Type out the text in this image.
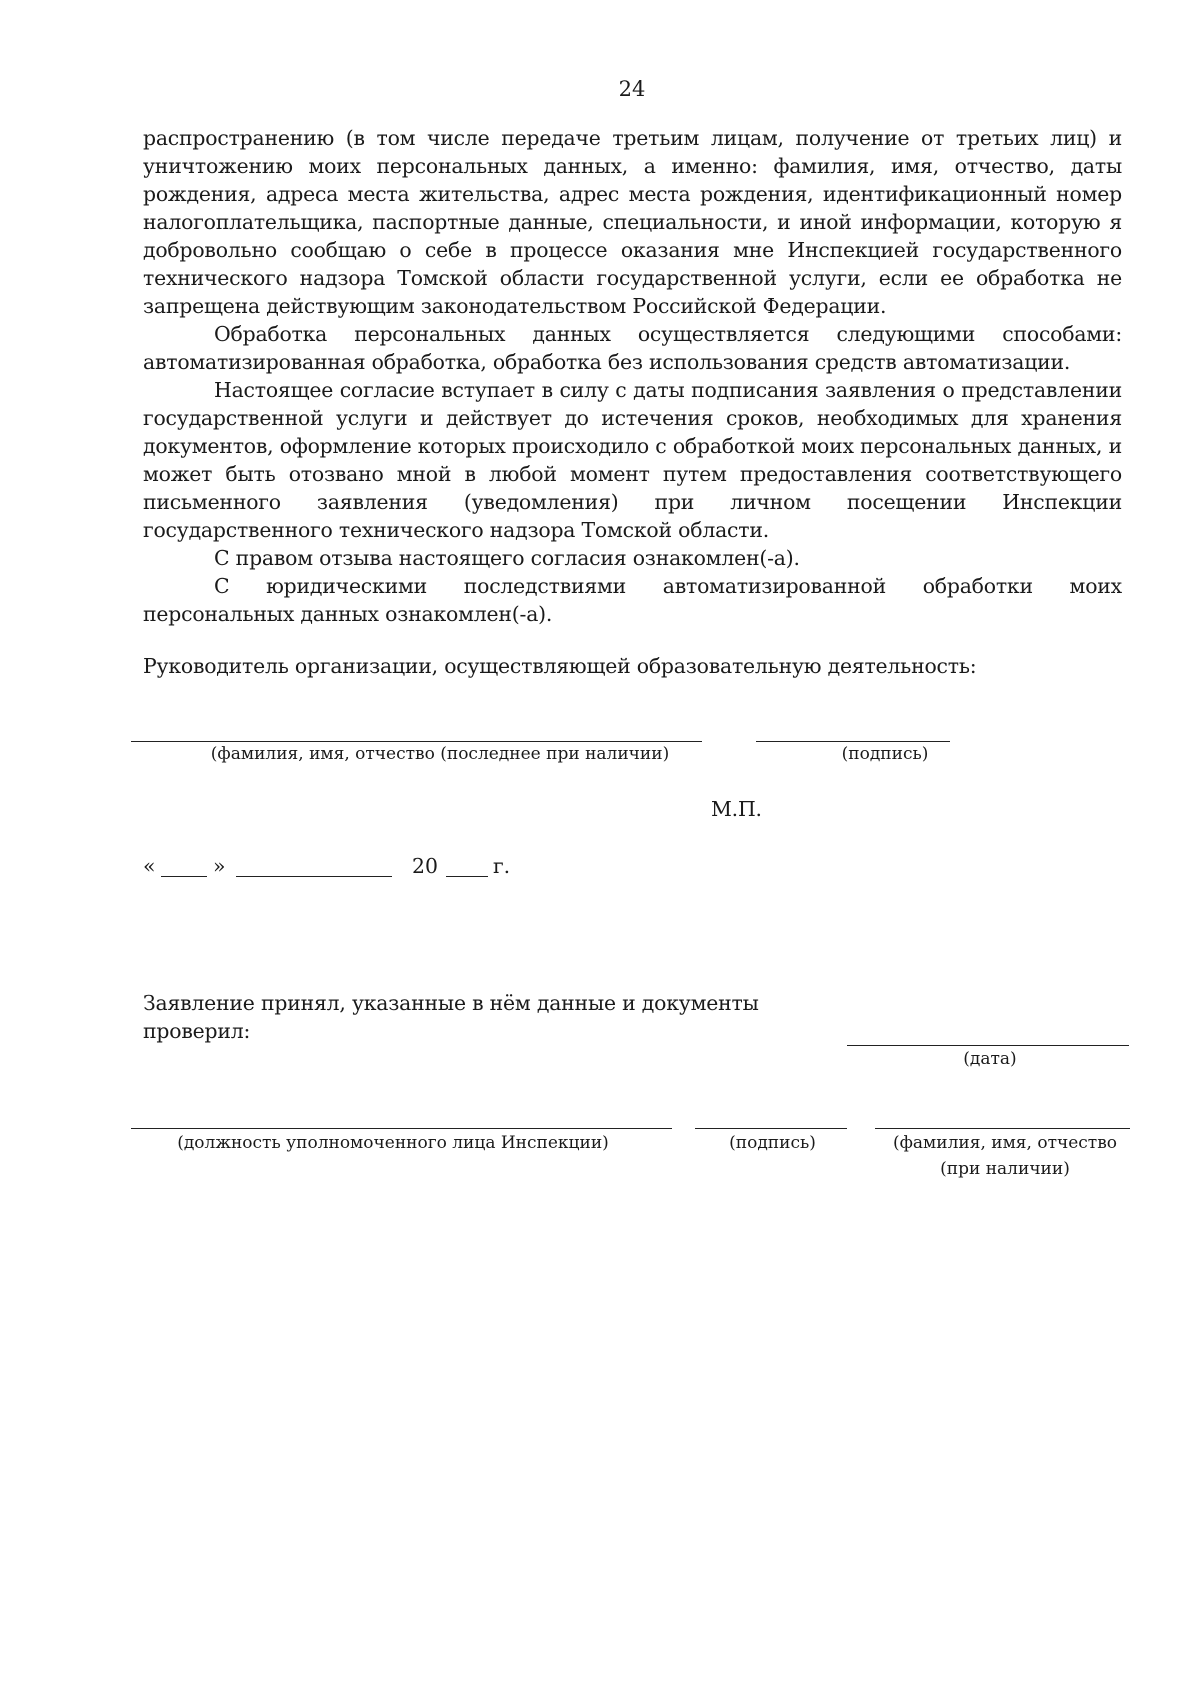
24

распространению (в том числе передаче третьим лицам, получение от третьих лиц) и уничтожению моих персональных данных, а именно: фамилия, имя, отчество, даты рождения, адреса места жительства, адрес места рождения, идентификационный номер налогоплательщика, паспортные данные, специальности, и иной информации, которую я добровольно сообщаю о себе в процессе оказания мне Инспекцией государственного технического надзора Томской области государственной услуги, если ее обработка не запрещена действующим законодательством Российской Федерации.

Обработка персональных данных осуществляется следующими способами: автоматизированная обработка, обработка без использования средств автоматизации.

Настоящее согласие вступает в силу с даты подписания заявления о представлении государственной услуги и действует до истечения сроков, необходимых для хранения документов, оформление которых происходило с обработкой моих персональных данных, и может быть отозвано мной в любой момент путем предоставления соответствующего письменного заявления (уведомления) при личном посещении Инспекции государственного технического надзора Томской области.

С правом отзыва настоящего согласия ознакомлен(-а).

С юридическими последствиями автоматизированной обработки моих персональных данных ознакомлен(-а).

Руководитель организации, осуществляющей образовательную деятельность:
(фамилия, имя, отчество (последнее при наличии)	(подпись)
М.П.
«	»	20	г.
Заявление принял, указанные в нём данные и документы проверил:
(дата)
(должность уполномоченного лица Инспекции)	(подпись)	(фамилия, имя, отчество
(при наличии)
